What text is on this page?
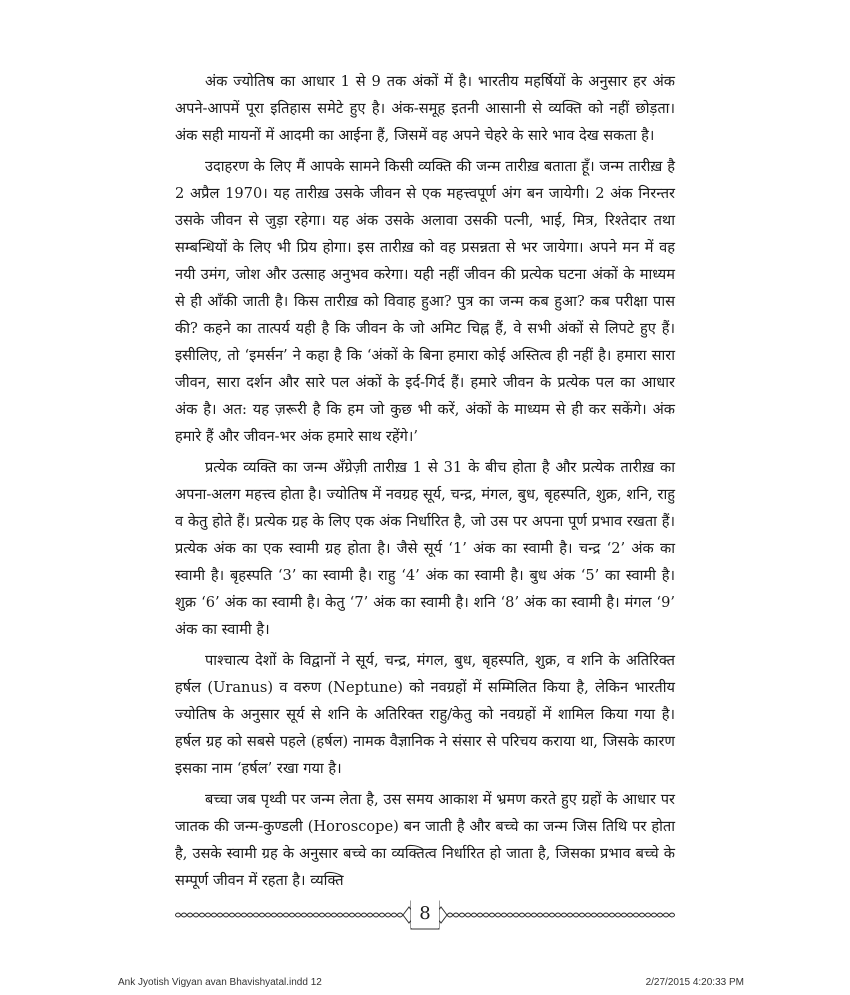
अंक ज्योतिष का आधार 1 से 9 तक अंकों में है। भारतीय महर्षियों के अनुसार हर अंक अपने-आपमें पूरा इतिहास समेटे हुए है। अंक-समूह इतनी आसानी से व्यक्ति को नहीं छोड़ता। अंक सही मायनों में आदमी का आईना हैं, जिसमें वह अपने चेहरे के सारे भाव देख सकता है।

उदाहरण के लिए मैं आपके सामने किसी व्यक्ति की जन्म तारीख़ बताता हूँ। जन्म तारीख़ है 2 अप्रैल 1970। यह तारीख़ उसके जीवन से एक महत्त्वपूर्ण अंग बन जायेगी। 2 अंक निरन्तर उसके जीवन से जुड़ा रहेगा। यह अंक उसके अलावा उसकी पत्नी, भाई, मित्र, रिश्तेदार तथा सम्बन्धियों के लिए भी प्रिय होगा। इस तारीख़ को वह प्रसन्नता से भर जायेगा। अपने मन में वह नयी उमंग, जोश और उत्साह अनुभव करेगा। यही नहीं जीवन की प्रत्येक घटना अंकों के माध्यम से ही आँकी जाती है। किस तारीख़ को विवाह हुआ? पुत्र का जन्म कब हुआ? कब परीक्षा पास की? कहने का तात्पर्य यही है कि जीवन के जो अमिट चिह्न हैं, वे सभी अंकों से लिपटे हुए हैं। इसीलिए, तो ‘इमर्सन’ ने कहा है कि ‘अंकों के बिना हमारा कोई अस्तित्व ही नहीं है। हमारा सारा जीवन, सारा दर्शन और सारे पल अंकों के इर्द-गिर्द हैं। हमारे जीवन के प्रत्येक पल का आधार अंक है। अत: यह ज़रूरी है कि हम जो कुछ भी करें, अंकों के माध्यम से ही कर सकेंगे। अंक हमारे हैं और जीवन-भर अंक हमारे साथ रहेंगे।’

प्रत्येक व्यक्ति का जन्म अँग्रेज़ी तारीख़ 1 से 31 के बीच होता है और प्रत्येक तारीख़ का अपना-अलग महत्त्व होता है। ज्योतिष में नवग्रह सूर्य, चन्द्र, मंगल, बुध, बृहस्पति, शुक्र, शनि, राहु व केतु होते हैं। प्रत्येक ग्रह के लिए एक अंक निर्धारित है, जो उस पर अपना पूर्ण प्रभाव रखता हैं। प्रत्येक अंक का एक स्वामी ग्रह होता है। जैसे सूर्य ‘1’ अंक का स्वामी है। चन्द्र ‘2’ अंक का स्वामी है। बृहस्पति ‘3’ का स्वामी है। राहु ‘4’ अंक का स्वामी है। बुध अंक ‘5’ का स्वामी है। शुक्र ‘6’ अंक का स्वामी है। केतु ‘7’ अंक का स्वामी है। शनि ‘8’ अंक का स्वामी है। मंगल ‘9’ अंक का स्वामी है।

पाश्चात्य देशों के विद्वानों ने सूर्य, चन्द्र, मंगल, बुध, बृहस्पति, शुक्र, व शनि के अतिरिक्त हर्षल (Uranus) व वरुण (Neptune) को नवग्रहों में सम्मिलित किया है, लेकिन भारतीय ज्योतिष के अनुसार सूर्य से शनि के अतिरिक्त राहु/केतु को नवग्रहों में शामिल किया गया है। हर्षल ग्रह को सबसे पहले (हर्षल) नामक वैज्ञानिक ने संसार से परिचय कराया था, जिसके कारण इसका नाम ‘हर्षल’ रखा गया है।

बच्चा जब पृथ्वी पर जन्म लेता है, उस समय आकाश में भ्रमण करते हुए ग्रहों के आधार पर जातक की जन्म-कुण्डली (Horoscope) बन जाती है और बच्चे का जन्म जिस तिथि पर होता है, उसके स्वामी ग्रह के अनुसार बच्चे का व्यक्तित्व निर्धारित हो जाता है, जिसका प्रभाव बच्चे के सम्पूर्ण जीवन में रहता है। व्यक्ति

8
Ank Jyotish Vigyan avan Bhavishyatal.indd 12	2/27/2015 4:20:33 PM
